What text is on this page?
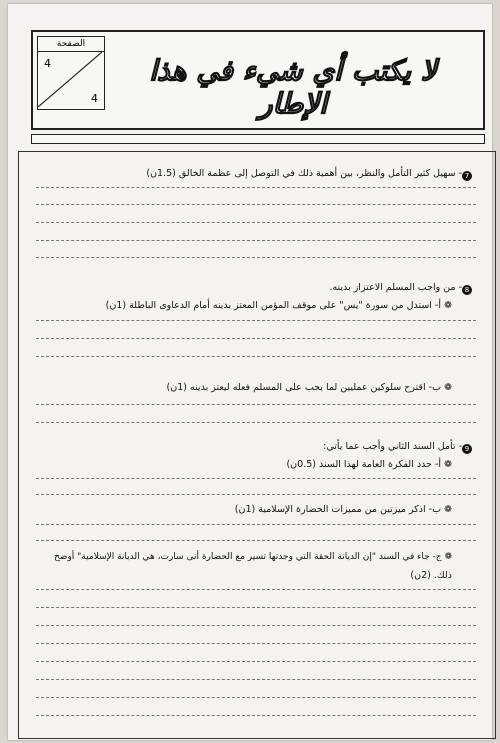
الصفحة
4
4
لا يكتب أي شيء في هذا الإطار
7
- سهيل كثير التأمل والنظر، بين أهمية ذلك في التوصل إلى عظمة الخالق (1.5ن)
8
- من واجب المسلم الاعتزاز بدينه.
❁ أ- استدل من سورة "يس" على موقف المؤمن المعتز بدينه أمام الدعاوى الباطلة (1ن)
❁ ب- اقترح سلوكين عمليين لما يجب على المسلم فعله ليعتز بدينه (1ن)
9
- تأمل السند الثاني وأجب عما يأتي:
❁ أ- حدد الفكرة العامة لهذا السند (0.5ن)
❁ ب- اذكر ميزتين من مميزات الحضارة الإسلامية (1ن)
❁ ج- جاء في السند "إن الديانة الحقة التي وجدتها تسير مع الحضارة أنى سارت، هي الديانة الإسلامية" أوضح
ذلك. (2ن)
